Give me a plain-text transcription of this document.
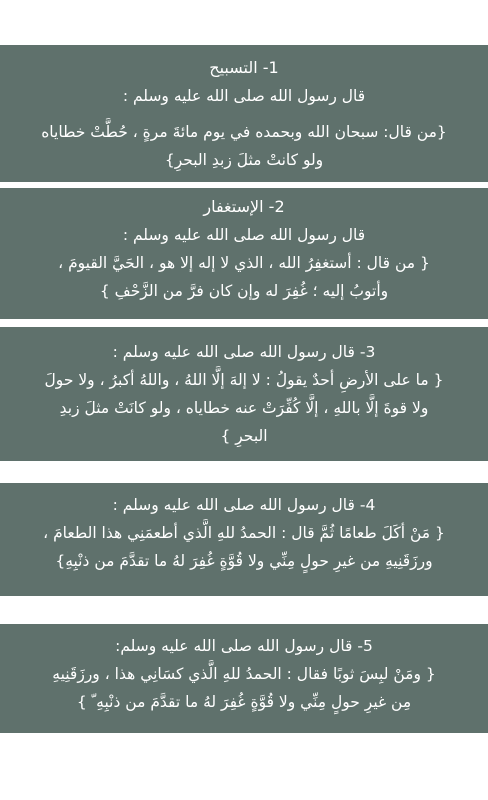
1- التسبيح
قال رسول الله صلى الله عليه وسلم :
{من قال: سبحان الله وبحمده في يوم مائةَ مرةٍ ، حُطَّتْ خطاياه
ولو كانتْ مثلَ زبدِ البحرِ}
2- الإستغفار
قال رسول الله صلى الله عليه وسلم :
{ من قال : أستغفِرُ الله ، الذي لا إله إلا هو ، الحَيَّ القيومَ ،
وأتوبُ إليه ؛ غُفِرَ له وإن كان فرَّ من الزَّحْفِ }
3- قال رسول الله صلى الله عليه وسلم :
{ ما على الأرضِ أحدٌ يقولُ : لا إلهَ إلَّا اللهُ ، واللهُ أكبرُ ، ولا حولَ
ولا قوةَ إلَّا باللهِ ، إلَّا كُفِّرَتْ عنه خطاياه ، ولو كانَتْ مثلَ زبدِ
البحرِ }
4- قال رسول الله صلى الله عليه وسلم :
{ مَنْ أكَلَ طعامًا ثُمَّ قال : الحمدُ للهِ الَّذي أطعمَنِي هذا الطعامَ ،
ورزَقَنِيهِ من غيرِ حولٍ مِنِّي ولا قُوَّةٍ غُفِرَ لهُ ما تقدَّمَ من ذنْبِهِ}
5- قال رسول الله صلى الله عليه وسلم:
{ ومَنْ لبِسَ ثوبًا فقال : الحمدُ للهِ الَّذي كسَانِي هذا ، ورزَقَنِيهِ
مِن غيرِ حولٍ مِنِّي ولا قُوَّةٍ غُفِرَ لهُ ما تقدَّمَ من ذنْبِهِ ّ }
